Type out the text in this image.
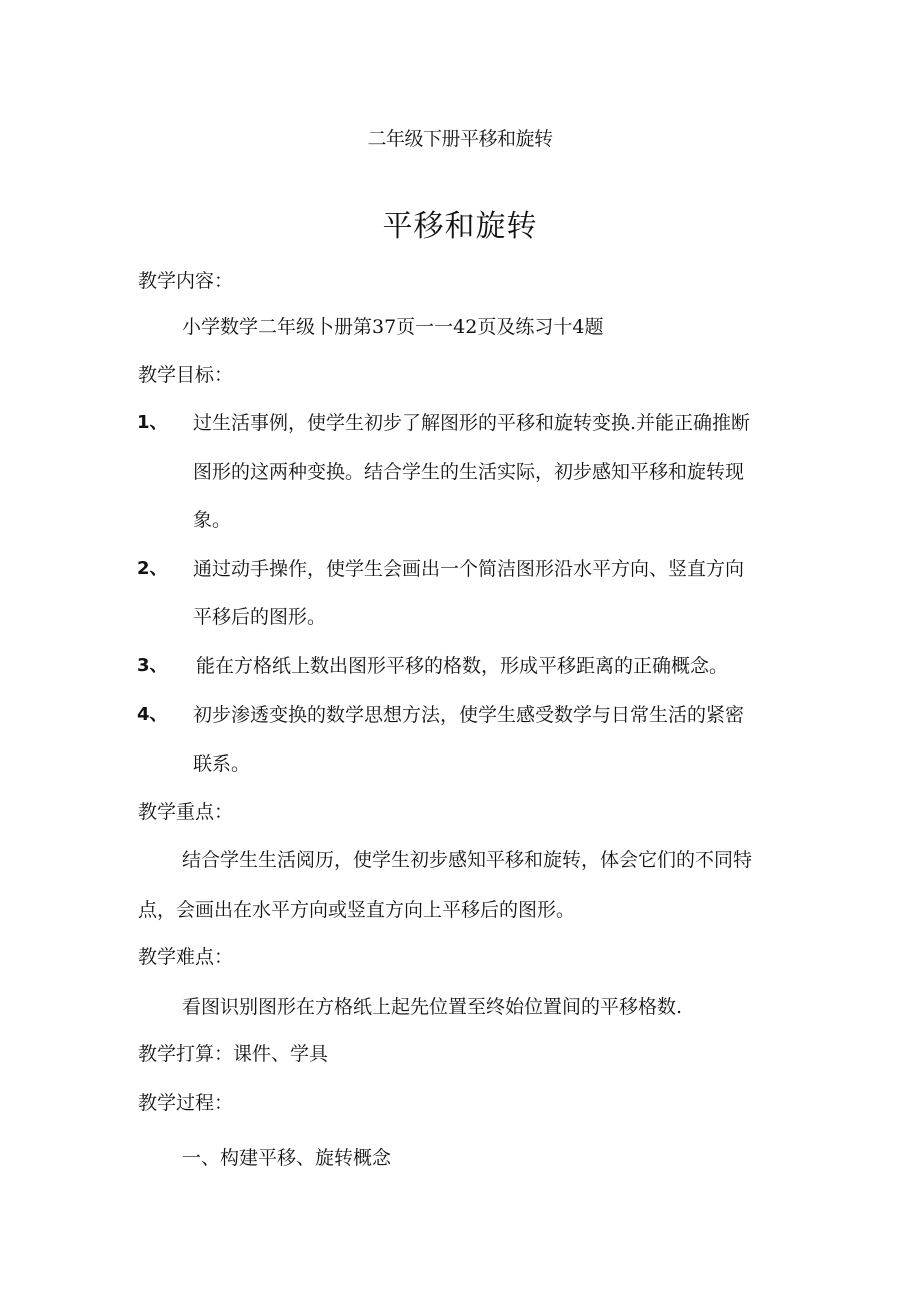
二年级下册平移和旋转
平移和旋转
教学内容：
小学数学二年级卜册第37页一一42页及练习十4题
教学目标：
1、 过生活事例，使学生初步了解图形的平移和旋转变换.并能正确推断
图形的这两种变换。结合学生的生活实际，初步感知平移和旋转现
象。
2、 通过动手操作，使学生会画出一个简洁图形沿水平方向、竖直方向
平移后的图形。
3、 能在方格纸上数出图形平移的格数，形成平移距离的正确概念。
4、 初步渗透变换的数学思想方法，使学生感受数学与日常生活的紧密
联系。
教学重点：
结合学生生活阅历，使学生初步感知平移和旋转，体会它们的不同特
点，会画出在水平方向或竖直方向上平移后的图形。
教学难点：
看图识别图形在方格纸上起先位置至终始位置间的平移格数.
教学打算：课件、学具
教学过程：
一、构建平移、旋转概念
